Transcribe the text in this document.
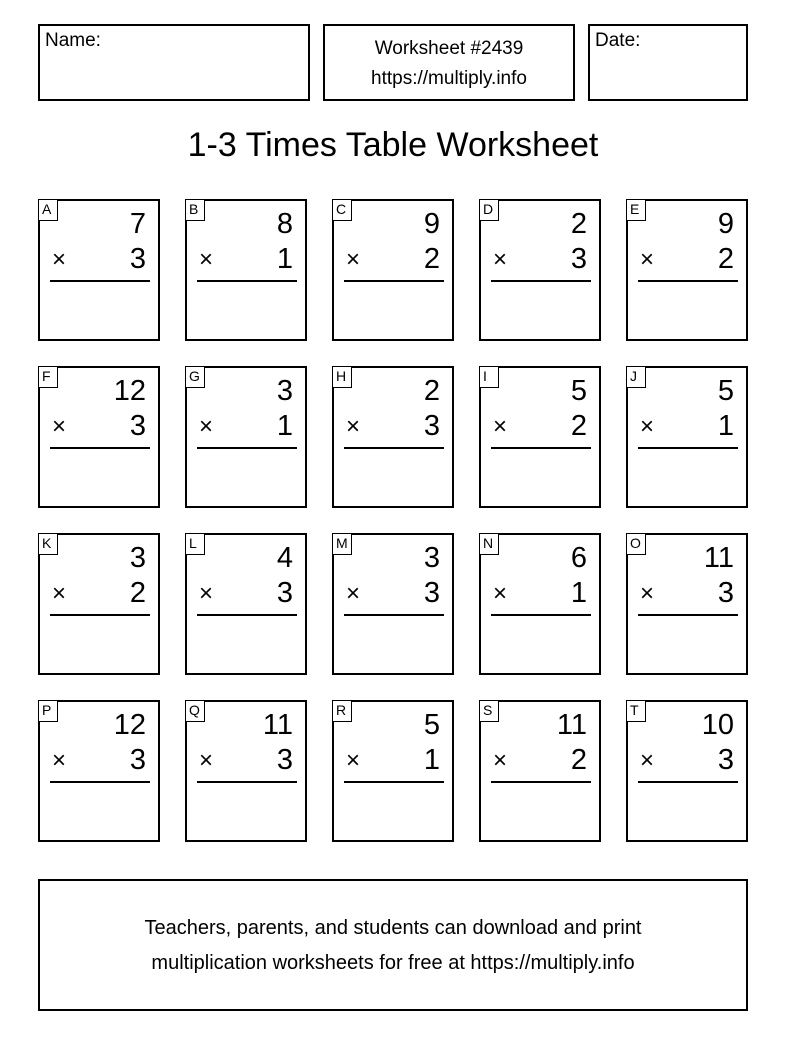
Name:	Worksheet #2439
https://multiply.info
Date:
1-3 Times Table Worksheet
A	7
× 3
B	8
× 1
C	9
× 2
D	2
× 3
E	9
× 2
F 12
× 3
G	3
× 1
H	2
× 3
I	5
× 2
J	5
× 1
K	3
× 2
L	4
× 3
M	3
× 3
N	6
× 1
O 11
× 3
P 12
× 3
Q 11
× 3
R	5
× 1
S 11
× 2
T 10
× 3
Teachers, parents, and students can download and print
multiplication worksheets for free at https://multiply.info
